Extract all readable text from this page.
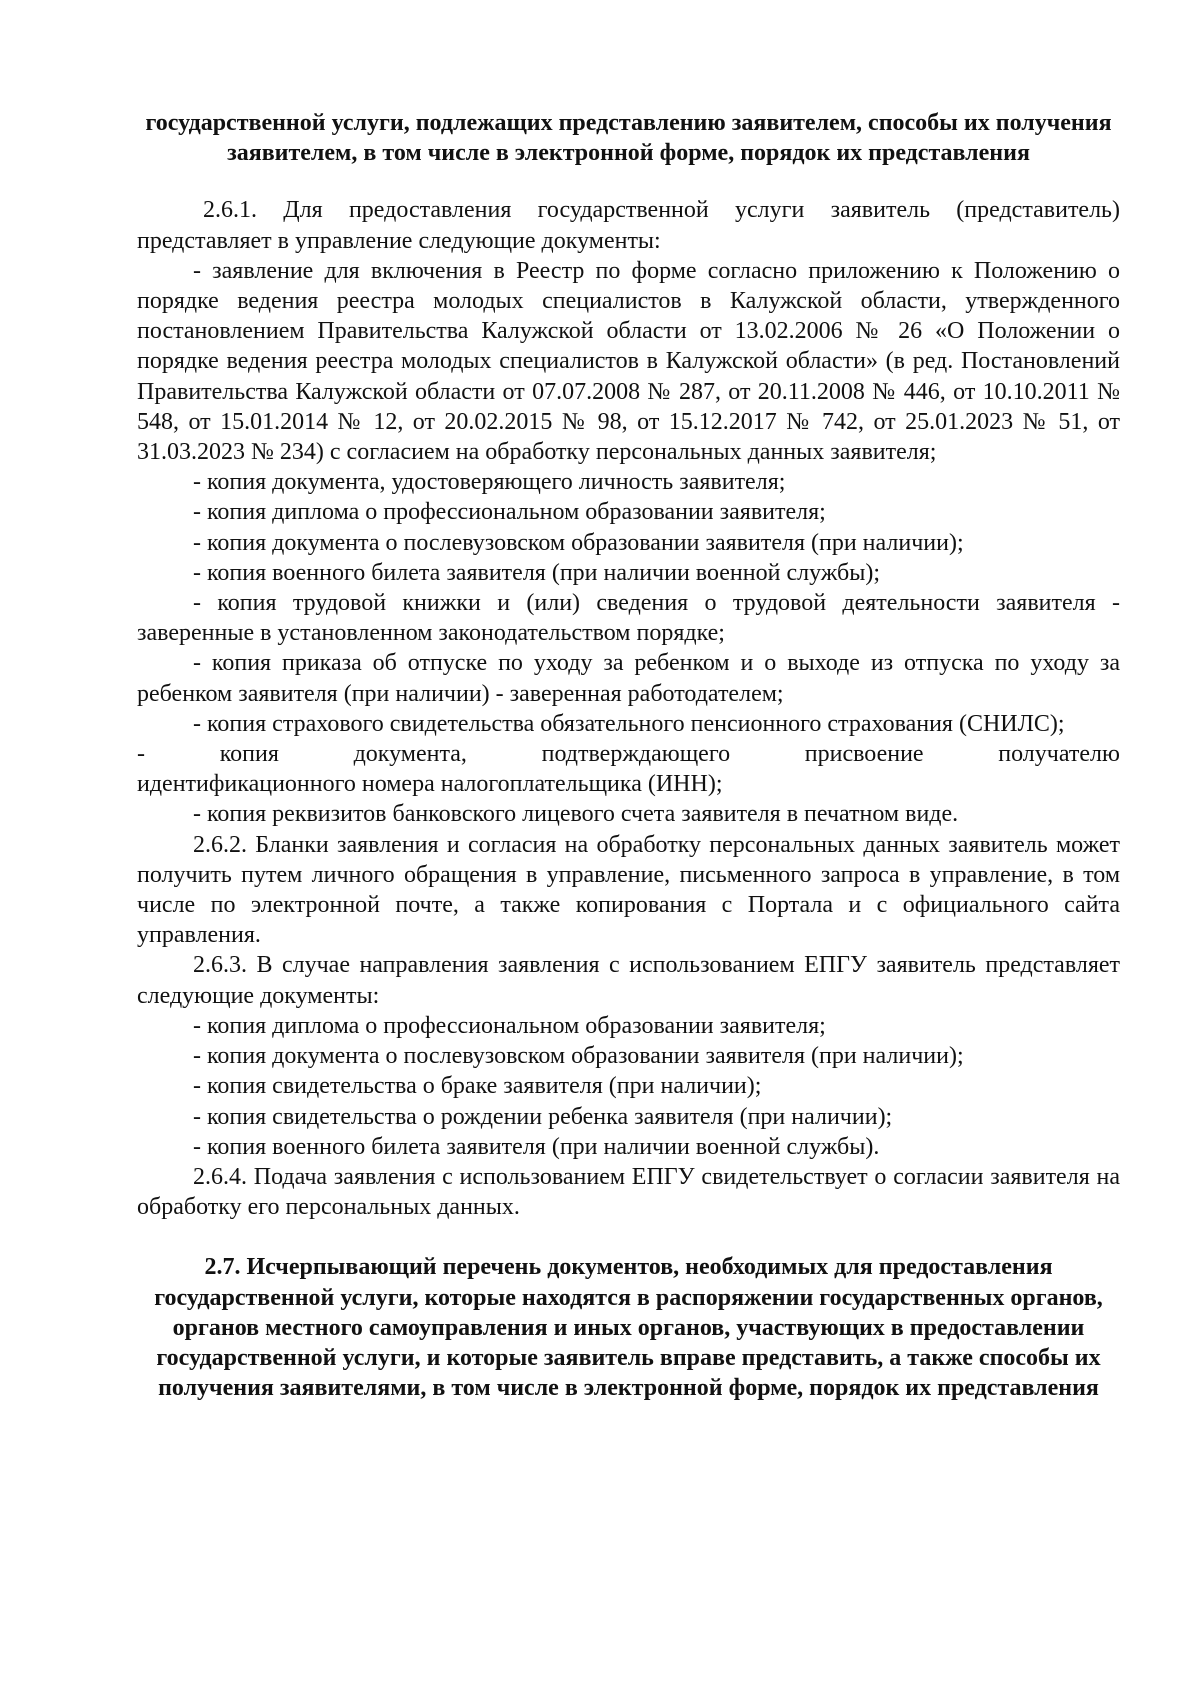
государственной услуги, подлежащих представлению заявителем, способы их получения заявителем, в том числе в электронной форме, порядок их представления

2.6.1. Для предоставления государственной услуги заявитель (представитель) представляет в управление следующие документы:

- заявление для включения в Реестр по форме согласно приложению к Положению о порядке ведения реестра молодых специалистов в Калужской области, утвержденного постановлением Правительства Калужской области от 13.02.2006 № 26 «О Положении о порядке ведения реестра молодых специалистов в Калужской области» (в ред. Постановлений Правительства Калужской области от 07.07.2008 № 287, от 20.11.2008 № 446, от 10.10.2011 № 548, от 15.01.2014 № 12, от 20.02.2015 № 98, от 15.12.2017 № 742, от 25.01.2023 № 51, от 31.03.2023 № 234) с согласием на обработку персональных данных заявителя;

- копия документа, удостоверяющего личность заявителя;

- копия диплома о профессиональном образовании заявителя;

- копия документа о послевузовском образовании заявителя (при наличии);

- копия военного билета заявителя (при наличии военной службы);

- копия трудовой книжки и (или) сведения о трудовой деятельности заявителя - заверенные в установленном законодательством порядке;

- копия приказа об отпуске по уходу за ребенком и о выходе из отпуска по уходу за ребенком заявителя (при наличии) - заверенная работодателем;

- копия страхового свидетельства обязательного пенсионного страхования (СНИЛС);

-	копия	документа,	подтверждающего	присвоение	получателю

идентификационного номера налогоплательщика (ИНН);

- копия реквизитов банковского лицевого счета заявителя в печатном виде.

2.6.2. Бланки заявления и согласия на обработку персональных данных заявитель может получить путем личного обращения в управление, письменного запроса в управление, в том числе по электронной почте, а также копирования с Портала и с официального сайта управления.

2.6.3. В случае направления заявления с использованием ЕПГУ заявитель представляет следующие документы:

- копия диплома о профессиональном образовании заявителя;

- копия документа о послевузовском образовании заявителя (при наличии);

- копия свидетельства о браке заявителя (при наличии);

- копия свидетельства о рождении ребенка заявителя (при наличии);

- копия военного билета заявителя (при наличии военной службы).

2.6.4. Подача заявления с использованием ЕПГУ свидетельствует о согласии заявителя на обработку его персональных данных.

2.7. Исчерпывающий перечень документов, необходимых для предоставления государственной услуги, которые находятся в распоряжении государственных органов, органов местного самоуправления и иных органов, участвующих в предоставлении государственной услуги, и которые заявитель вправе представить, а также способы их получения заявителями, в том числе в электронной форме, порядок их представления
